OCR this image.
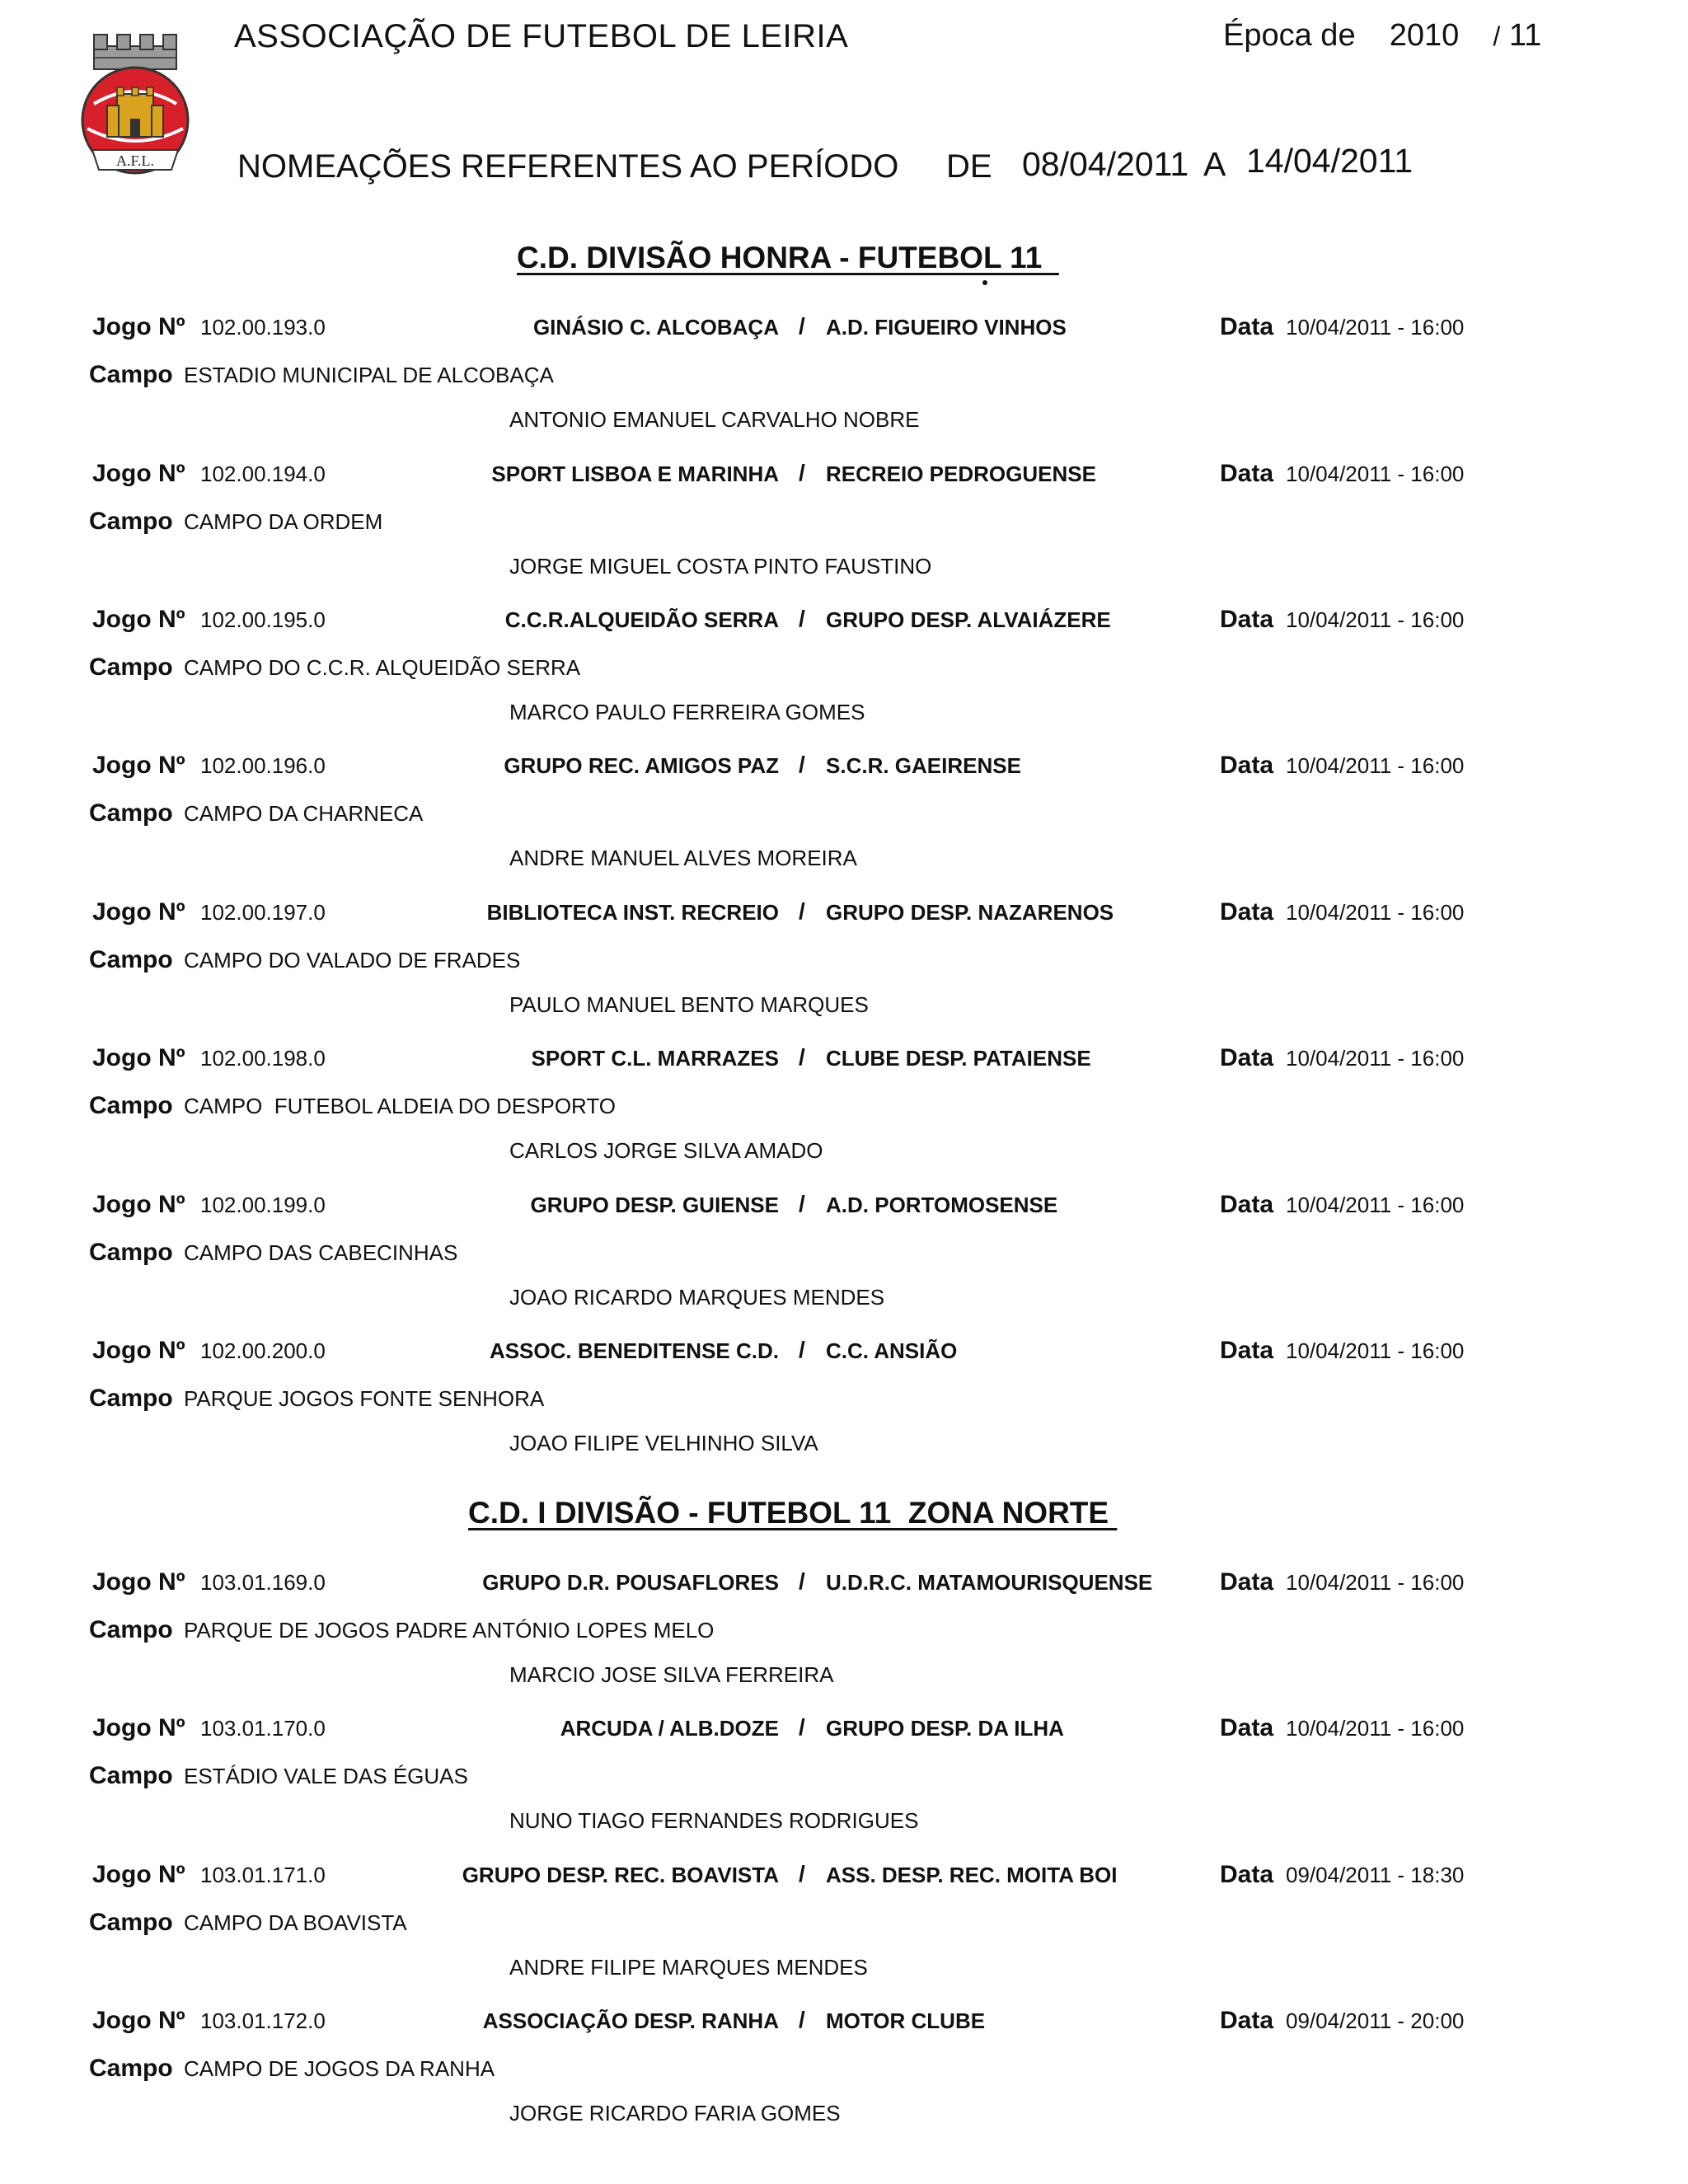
A.F.L.
ASSOCIAÇÃO DE FUTEBOL DE LEIRIA	Época de 2010 / 11
NOMEAÇÕES REFERENTES AO PERÍODO DE 08/04/2011 A 14/04/2011
C.D. DIVISÃO HONRA - FUTEBOL 11
Jogo Nº 102.00.193.0	GINÁSIO C. ALCOBAÇA / A.D. FIGUEIRO VINHOS	Data 10/04/2011 - 16:00
Campo ESTADIO MUNICIPAL DE ALCOBAÇA
ANTONIO EMANUEL CARVALHO NOBRE
Jogo Nº 102.00.194.0	SPORT LISBOA E MARINHA / RECREIO PEDROGUENSE	Data 10/04/2011 - 16:00
Campo CAMPO DA ORDEM
JORGE MIGUEL COSTA PINTO FAUSTINO
Jogo Nº 102.00.195.0	C.C.R.ALQUEIDÃO SERRA / GRUPO DESP. ALVAIÁZERE	Data 10/04/2011 - 16:00
Campo CAMPO DO C.C.R. ALQUEIDÃO SERRA
MARCO PAULO FERREIRA GOMES
Jogo Nº 102.00.196.0	GRUPO REC. AMIGOS PAZ / S.C.R. GAEIRENSE	Data 10/04/2011 - 16:00
Campo CAMPO DA CHARNECA
ANDRE MANUEL ALVES MOREIRA
Jogo Nº 102.00.197.0	BIBLIOTECA INST. RECREIO / GRUPO DESP. NAZARENOS	Data 10/04/2011 - 16:00
Campo CAMPO DO VALADO DE FRADES
PAULO MANUEL BENTO MARQUES
Jogo Nº 102.00.198.0	SPORT C.L. MARRAZES / CLUBE DESP. PATAIENSE	Data 10/04/2011 - 16:00
Campo CAMPO  FUTEBOL ALDEIA DO DESPORTO
CARLOS JORGE SILVA AMADO
Jogo Nº 102.00.199.0	GRUPO DESP. GUIENSE / A.D. PORTOMOSENSE	Data 10/04/2011 - 16:00
Campo CAMPO DAS CABECINHAS
JOAO RICARDO MARQUES MENDES
Jogo Nº 102.00.200.0	ASSOC. BENEDITENSE C.D. / C.C. ANSIÃO	Data 10/04/2011 - 16:00
Campo PARQUE JOGOS FONTE SENHORA
JOAO FILIPE VELHINHO SILVA
C.D. I DIVISÃO - FUTEBOL 11  ZONA NORTE
Jogo Nº 103.01.169.0	GRUPO D.R. POUSAFLORES / U.D.R.C. MATAMOURISQUENSE	Data 10/04/2011 - 16:00
Campo PARQUE DE JOGOS PADRE ANTÓNIO LOPES MELO
MARCIO JOSE SILVA FERREIRA
Jogo Nº 103.01.170.0	ARCUDA / ALB.DOZE / GRUPO DESP. DA ILHA	Data 10/04/2011 - 16:00
Campo ESTÁDIO VALE DAS ÉGUAS
NUNO TIAGO FERNANDES RODRIGUES
Jogo Nº 103.01.171.0	GRUPO DESP. REC. BOAVISTA / ASS. DESP. REC. MOITA BOI	Data 09/04/2011 - 18:30
Campo CAMPO DA BOAVISTA
ANDRE FILIPE MARQUES MENDES
Jogo Nº 103.01.172.0	ASSOCIAÇÃO DESP. RANHA / MOTOR CLUBE	Data 09/04/2011 - 20:00
Campo CAMPO DE JOGOS DA RANHA
JORGE RICARDO FARIA GOMES
